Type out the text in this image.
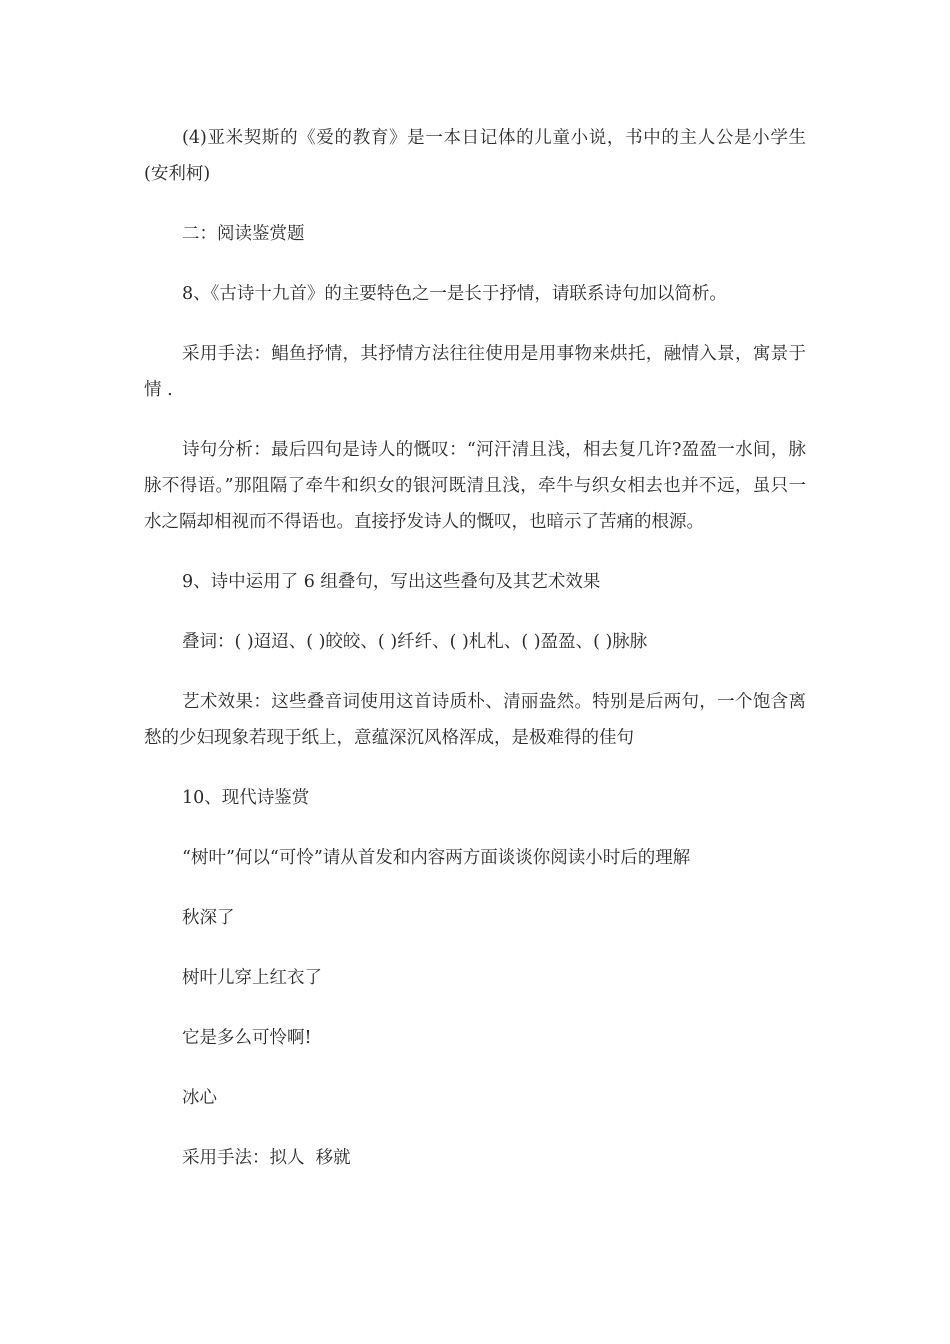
(4)亚米契斯的《爱的教育》是一本日记体的儿童小说，书中的主人公是小学生(安利柯)

二：阅读鉴赏题

8、《古诗十九首》的主要特色之一是长于抒情，请联系诗句加以简析。

采用手法：鲳鱼抒情，其抒情方法往往使用是用事物来烘托，融情入景，寓景于情 .

诗句分析：最后四句是诗人的慨叹：“河汗清且浅，相去复几许?盈盈一水间，脉脉不得语。”那阻隔了牵牛和织女的银河既清且浅，牵牛与织女相去也并不远，虽只一水之隔却相视而不得语也。直接抒发诗人的慨叹，也暗示了苦痛的根源。

9、诗中运用了 6 组叠句，写出这些叠句及其艺术效果

叠词：( )迢迢、( )皎皎、( )纤纤、( )札札、( )盈盈、( )脉脉

艺术效果：这些叠音词使用这首诗质朴、清丽盎然。特别是后两句，一个饱含离愁的少妇现象若现于纸上，意蕴深沉风格浑成，是极难得的佳句

10、现代诗鉴赏

“树叶”何以“可怜”请从首发和内容两方面谈谈你阅读小时后的理解

秋深了

树叶儿穿上红衣了

它是多么可怜啊!

冰心

采用手法：拟人  移就
